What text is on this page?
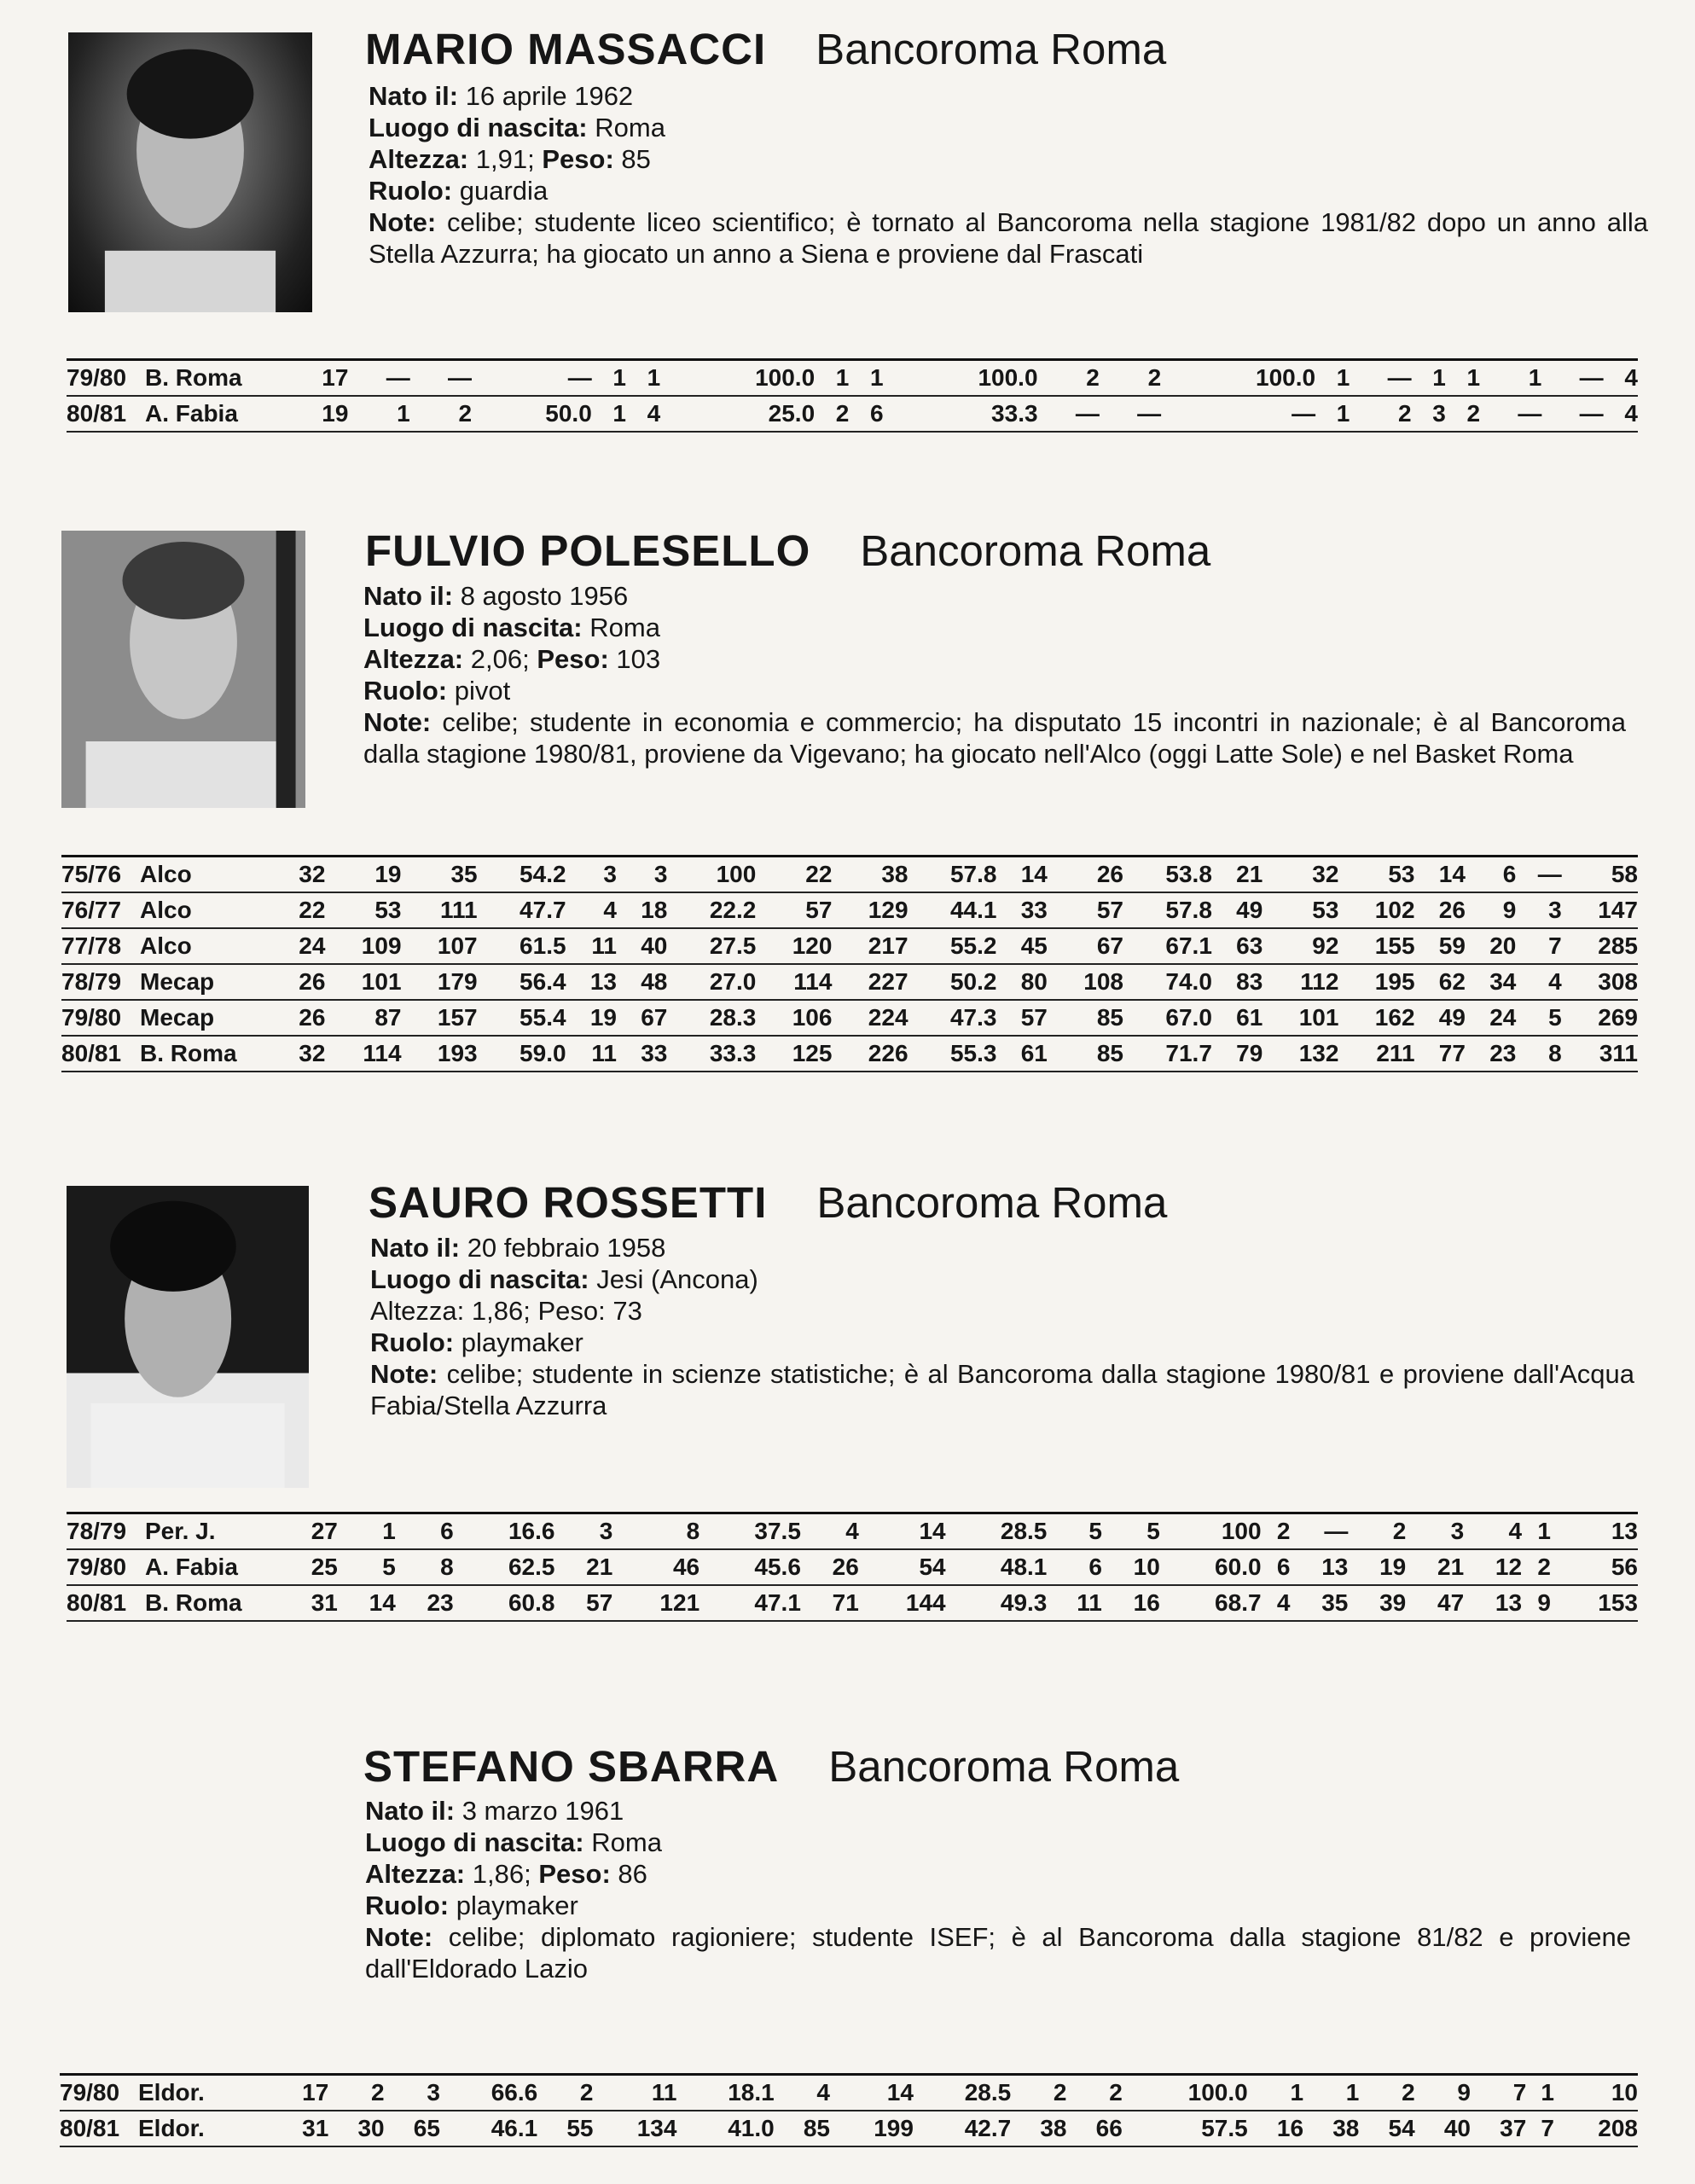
MARIO MASSACCI Bancoroma Roma
Nato il: 16 aprile 1962
Luogo di nascita: Roma
Altezza: 1,91; Peso: 85
Ruolo: guardia
Note: celibe; studente liceo scientifico; è tornato al Bancoroma nella stagione 1981/82 dopo un anno alla Stella Azzurra; ha giocato un anno a Siena e proviene dal Frascati
79/80	B. Roma	17	—	—	—	1	1	100.0	1	1	100.0	2	2	100.0	1	—	1	1	1	—	4
80/81	A. Fabia	19	1	2	50.0	1	4	25.0	2	6	33.3	—	—	—	1	2	3	2	—	—	4
FULVIO POLESELLO Bancoroma Roma
Nato il: 8 agosto 1956
Luogo di nascita: Roma
Altezza: 2,06; Peso: 103
Ruolo: pivot
Note: celibe; studente in economia e commercio; ha disputato 15 incontri in nazionale; è al Bancoroma dalla stagione 1980/81, proviene da Vigevano; ha giocato nell'Alco (oggi Latte Sole) e nel Basket Roma
75/76	Alco	32	19	35	54.2	3	3	100	22	38	57.8	14	26	53.8	21	32	53	14	6	—	58
76/77	Alco	22	53	111	47.7	4	18	22.2	57	129	44.1	33	57	57.8	49	53	102	26	9	3	147
77/78	Alco	24	109	107	61.5	11	40	27.5	120	217	55.2	45	67	67.1	63	92	155	59	20	7	285
78/79	Mecap	26	101	179	56.4	13	48	27.0	114	227	50.2	80	108	74.0	83	112	195	62	34	4	308
79/80	Mecap	26	87	157	55.4	19	67	28.3	106	224	47.3	57	85	67.0	61	101	162	49	24	5	269
80/81	B. Roma	32	114	193	59.0	11	33	33.3	125	226	55.3	61	85	71.7	79	132	211	77	23	8	311
SAURO ROSSETTI Bancoroma Roma
Nato il: 20 febbraio 1958
Luogo di nascita: Jesi (Ancona)
Altezza: 1,86; Peso: 73
Ruolo: playmaker
Note: celibe; studente in scienze statistiche; è al Bancoroma dalla stagione 1980/81 e proviene dall'Acqua Fabia/Stella Azzurra
78/79	Per. J.	27	1	6	16.6	3	8	37.5	4	14	28.5	5	5	100	2	—	2	3	4	1	13
79/80	A. Fabia	25	5	8	62.5	21	46	45.6	26	54	48.1	6	10	60.0	6	13	19	21	12	2	56
80/81	B. Roma	31	14	23	60.8	57	121	47.1	71	144	49.3	11	16	68.7	4	35	39	47	13	9	153
STEFANO SBARRA Bancoroma Roma
Nato il: 3 marzo 1961
Luogo di nascita: Roma
Altezza: 1,86; Peso: 86
Ruolo: playmaker
Note: celibe; diplomato ragioniere; studente ISEF; è al Bancoroma dalla stagione 81/82 e proviene dall'Eldorado Lazio
79/80	Eldor.	17	2	3	66.6	2	11	18.1	4	14	28.5	2	2	100.0	1	1	2	9	7	1	10
80/81	Eldor.	31	30	65	46.1	55	134	41.0	85	199	42.7	38	66	57.5	16	38	54	40	37	7	208
